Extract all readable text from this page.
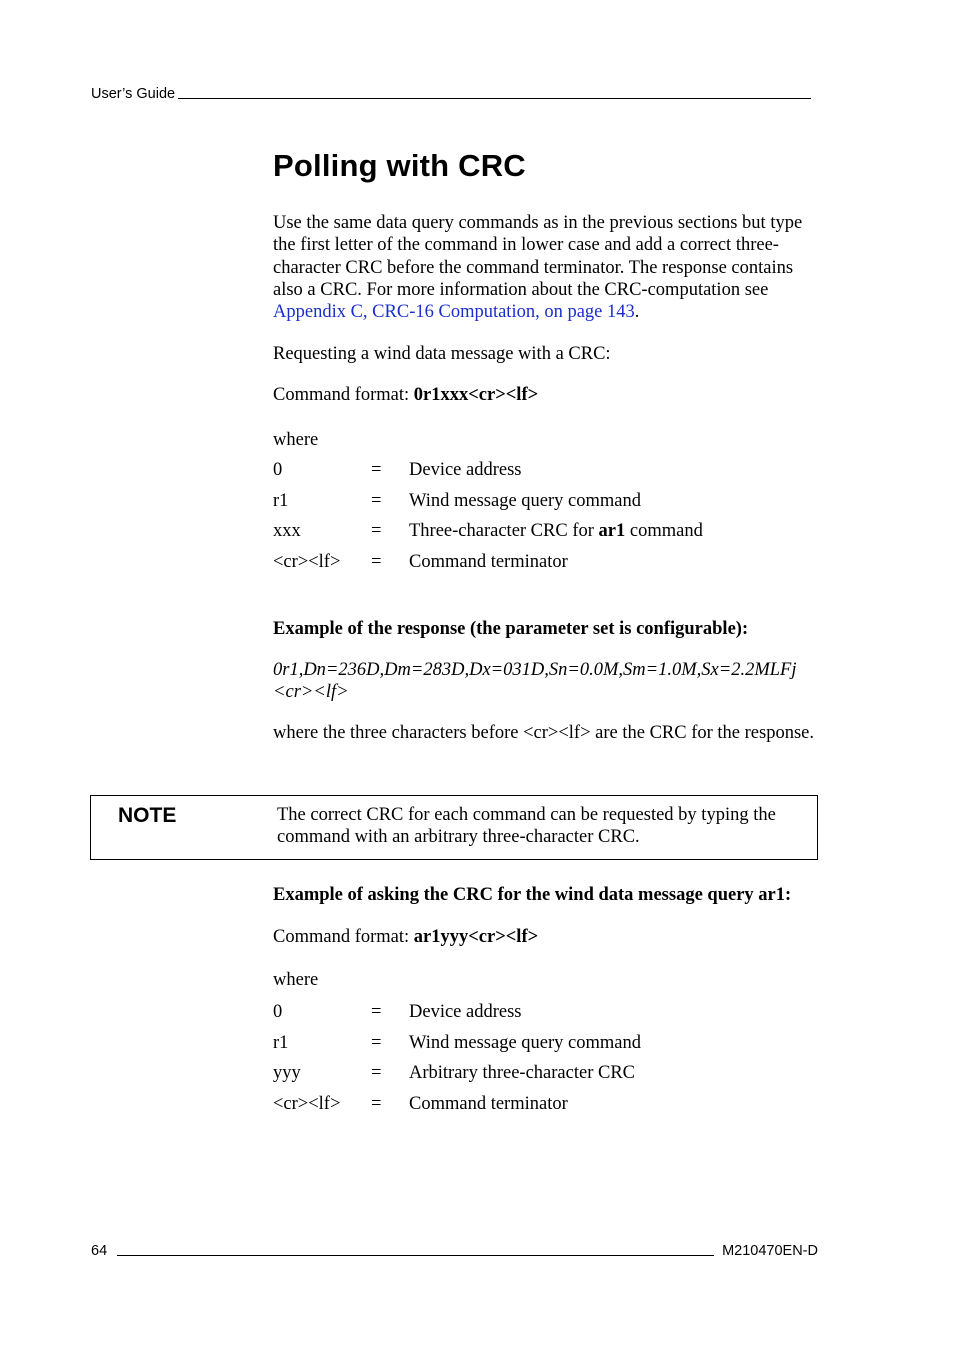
User’s Guide
Polling with CRC

Use the same data query commands as in the previous sections but type the first letter of the command in lower case and add a correct three-character CRC before the command terminator. The response contains also a CRC. For more information about the CRC-computation see Appendix C, CRC-16 Computation, on page 143.

Requesting a wind data message with a CRC:

Command format: 0r1xxx<cr><lf>

where

0	=	Device address
r1	=	Wind message query command
xxx	=	Three-character CRC for ar1 command
<cr><lf>	=	Command terminator

Example of the response (the parameter set is configurable):

0r1,Dn=236D,Dm=283D,Dx=031D,Sn=0.0M,Sm=1.0M,Sx=2.2MLFj
<cr><lf>

where the three characters before <cr><lf> are the CRC for the response.

NOTE	The correct CRC for each command can be requested by typing the command with an arbitrary three-character CRC.

Example of asking the CRC for the wind data message query ar1:

Command format: ar1yyy<cr><lf>

where

0	=	Device address
r1	=	Wind message query command
yyy	=	Arbitrary three-character CRC
<cr><lf>	=	Command terminator
64	M210470EN-D
